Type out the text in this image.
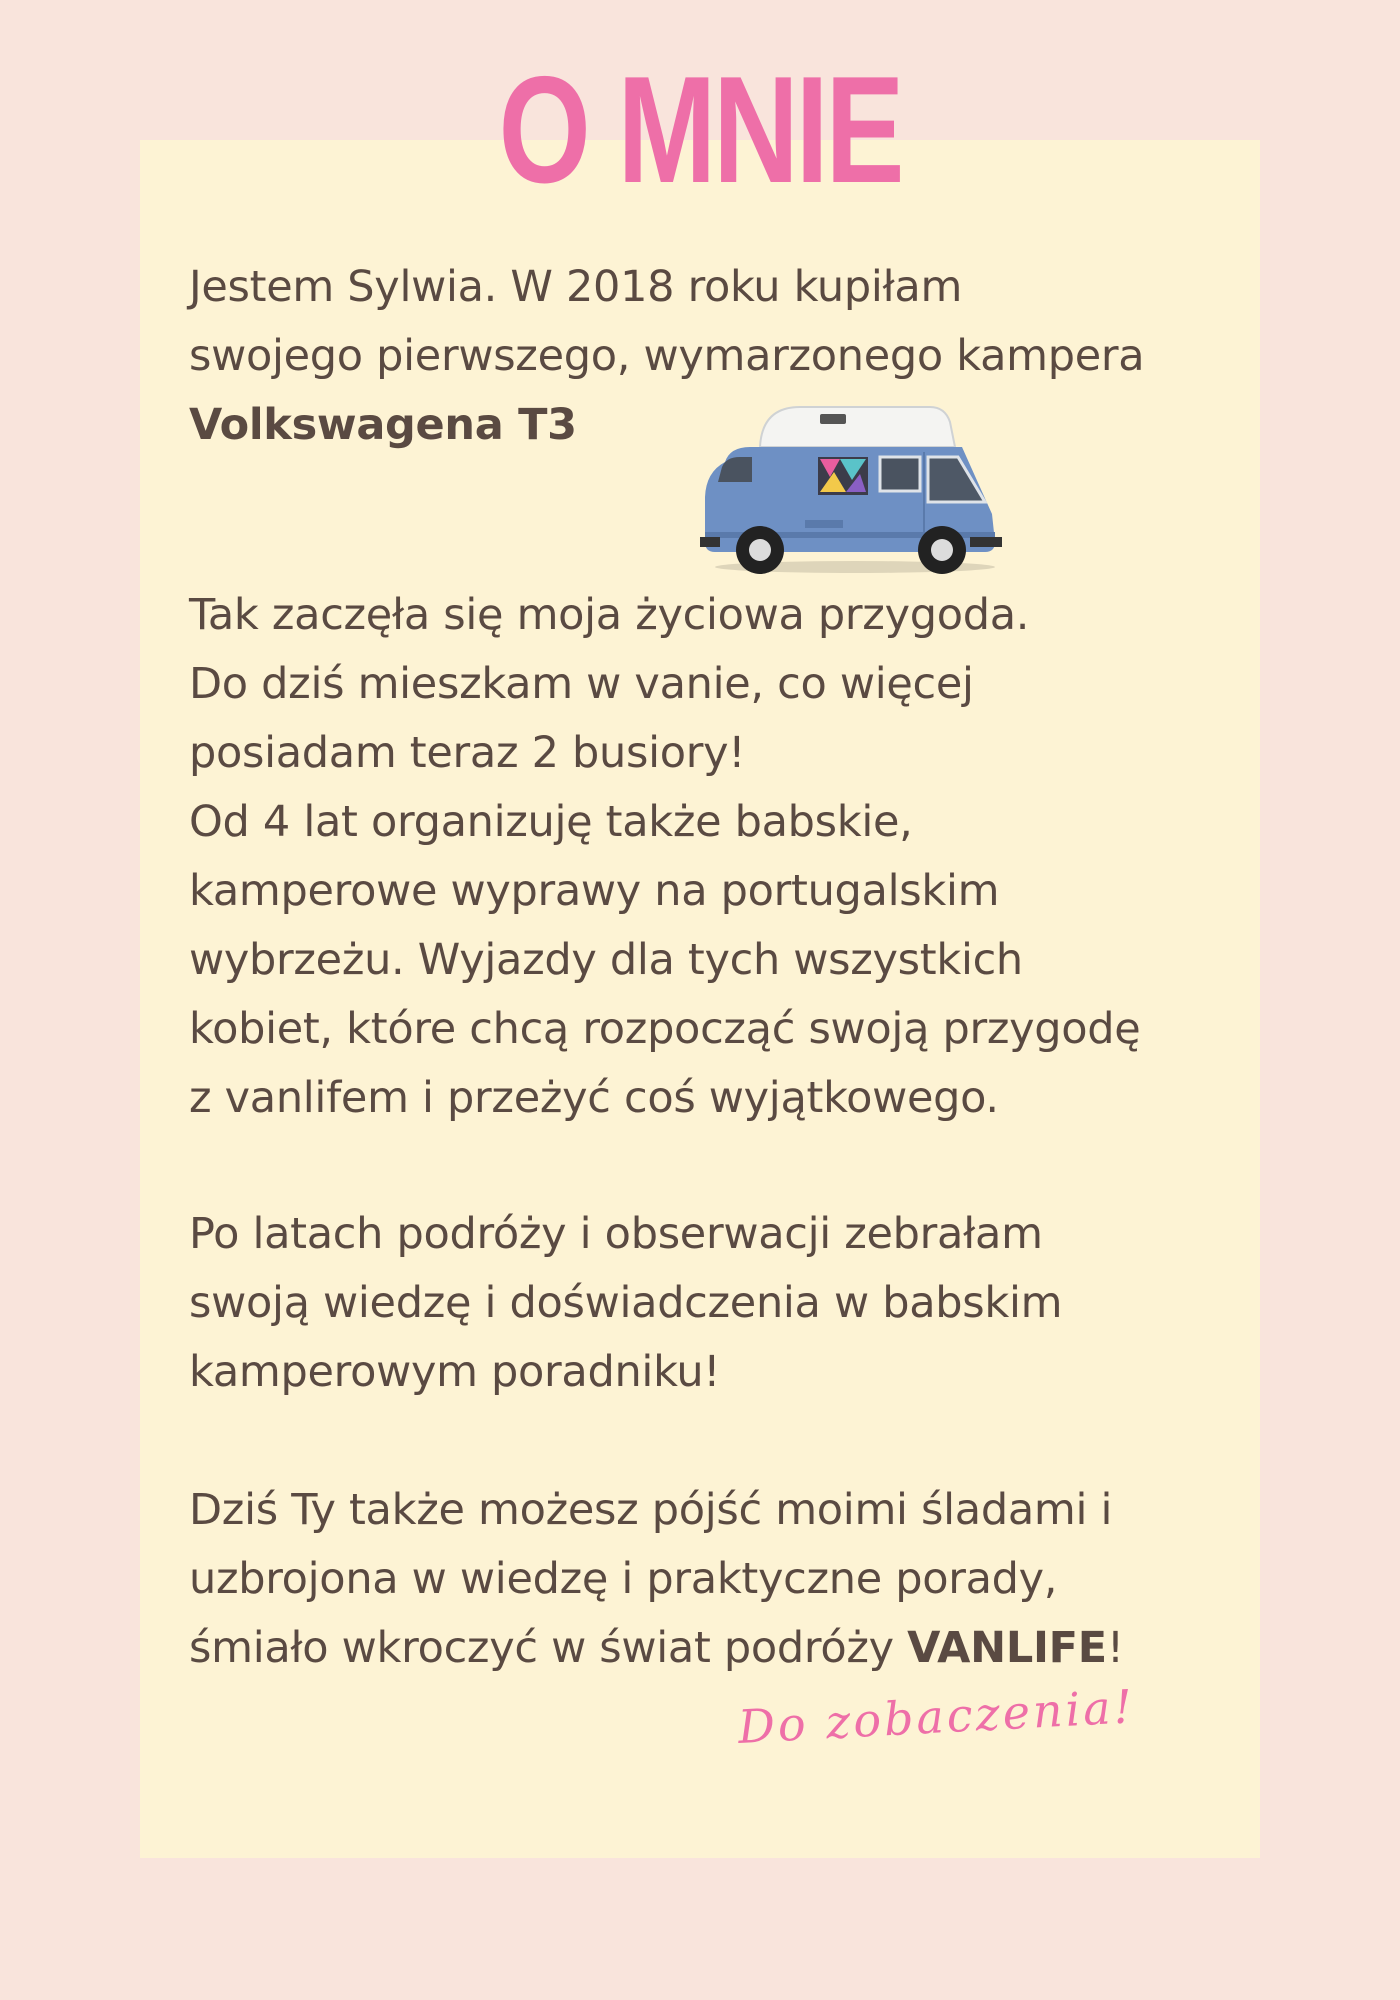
O MNIE

Jestem Sylwia. W 2018 roku kupiłam
swojego pierwszego, wymarzonego kampera
Volkswagena T3

Tak zaczęła się moja życiowa przygoda.
Do dziś mieszkam w vanie, co więcej
posiadam teraz 2 busiory!
Od 4 lat organizuję także babskie,
kamperowe wyprawy na portugalskim
wybrzeżu. Wyjazdy dla tych wszystkich
kobiet, które chcą rozpocząć swoją przygodę
z vanlifem i przeżyć coś wyjątkowego.

Po latach podróży i obserwacji zebrałam
swoją wiedzę i doświadczenia w babskim
kamperowym poradniku!

Dziś Ty także możesz pójść moimi śladami i
uzbrojona w wiedzę i praktyczne porady,
śmiało wkroczyć w świat podróży VANLIFE!

Do zobaczenia!
